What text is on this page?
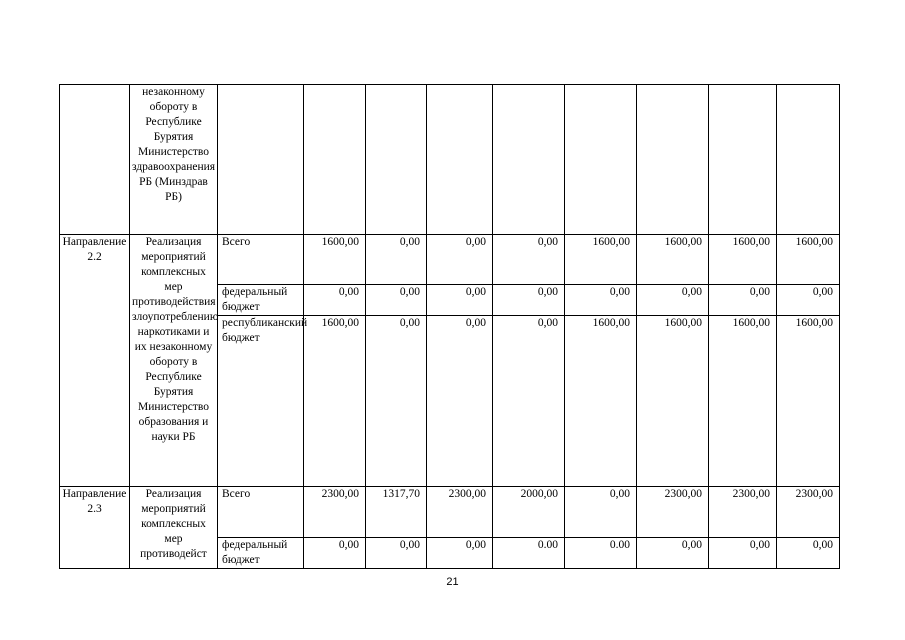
	незаконному обороту в Республике Бурятия Министерство здравоохранения РБ (Минздрав РБ)									
Направление 2.2	Реализация мероприятий комплексных мер противодействия злоупотреблению наркотиками и их незаконному обороту в Республике Бурятия Министерство образования и науки РБ	Всего	1600,00	0,00	0,00	0,00	1600,00	1600,00	1600,00	1600,00
		федеральный бюджет	0,00	0,00	0,00	0,00	0,00	0,00	0,00	0,00
		республиканский бюджет	1600,00	0,00	0,00	0,00	1600,00	1600,00	1600,00	1600,00
Направление 2.3	Реализация мероприятий комплексных мер противодейст	Всего	2300,00	1317,70	2300,00	2000,00	0,00	2300,00	2300,00	2300,00
		федеральный бюджет	0,00	0,00	0,00	0.00	0.00	0,00	0,00	0,00
21
